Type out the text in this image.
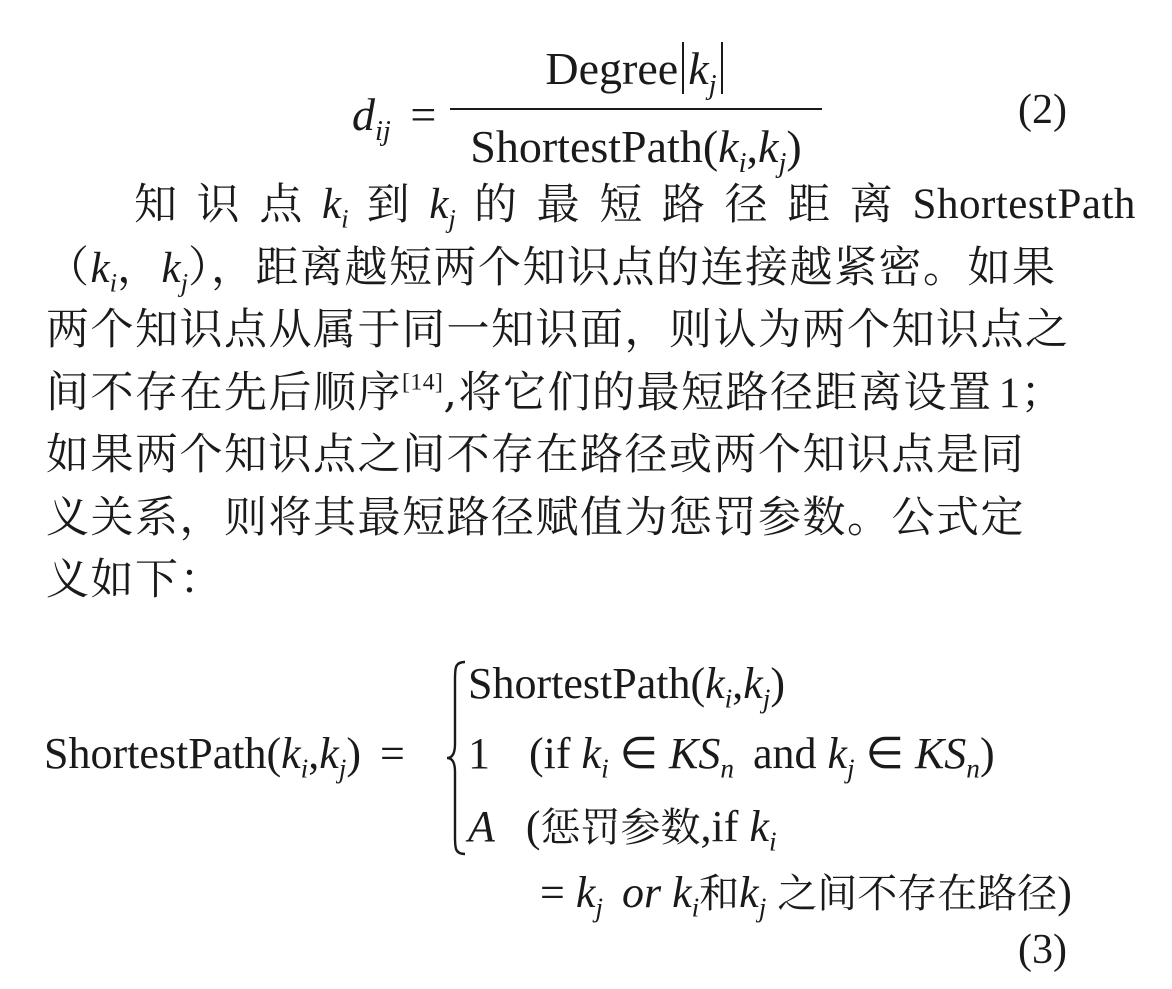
$d_{ij}$ =
Degree $k_j$
$ShortestPath(k_i,k_j)$
(2)
知 识 点 $k_i$ 到 $k_j$ 的 最 短 路 径 距 离 ShortestPath
（$k_i$，$k_j$），距离越短两个知识点的连接越紧密。如果
两个知识点从属于同一知识面，则认为两个知识点之
间不存在先后顺序[14],将它们的最短路径距离设置 1；
如果两个知识点之间不存在路径或两个知识点是同
义关系，则将其最短路径赋值为惩罚参数。公式定
义如下：
$ShortestPath(k_i,k_j)$ =
$ShortestPath(k_i,k_j)$
1 (if $k_i$ ∈ $KS_n$ and $k_j$ ∈ $KS_n$)
A (惩罚参数,if $k_i$
= $k_j$ or $k_i$和$k_j$ 之间不存在路径)
(3)
